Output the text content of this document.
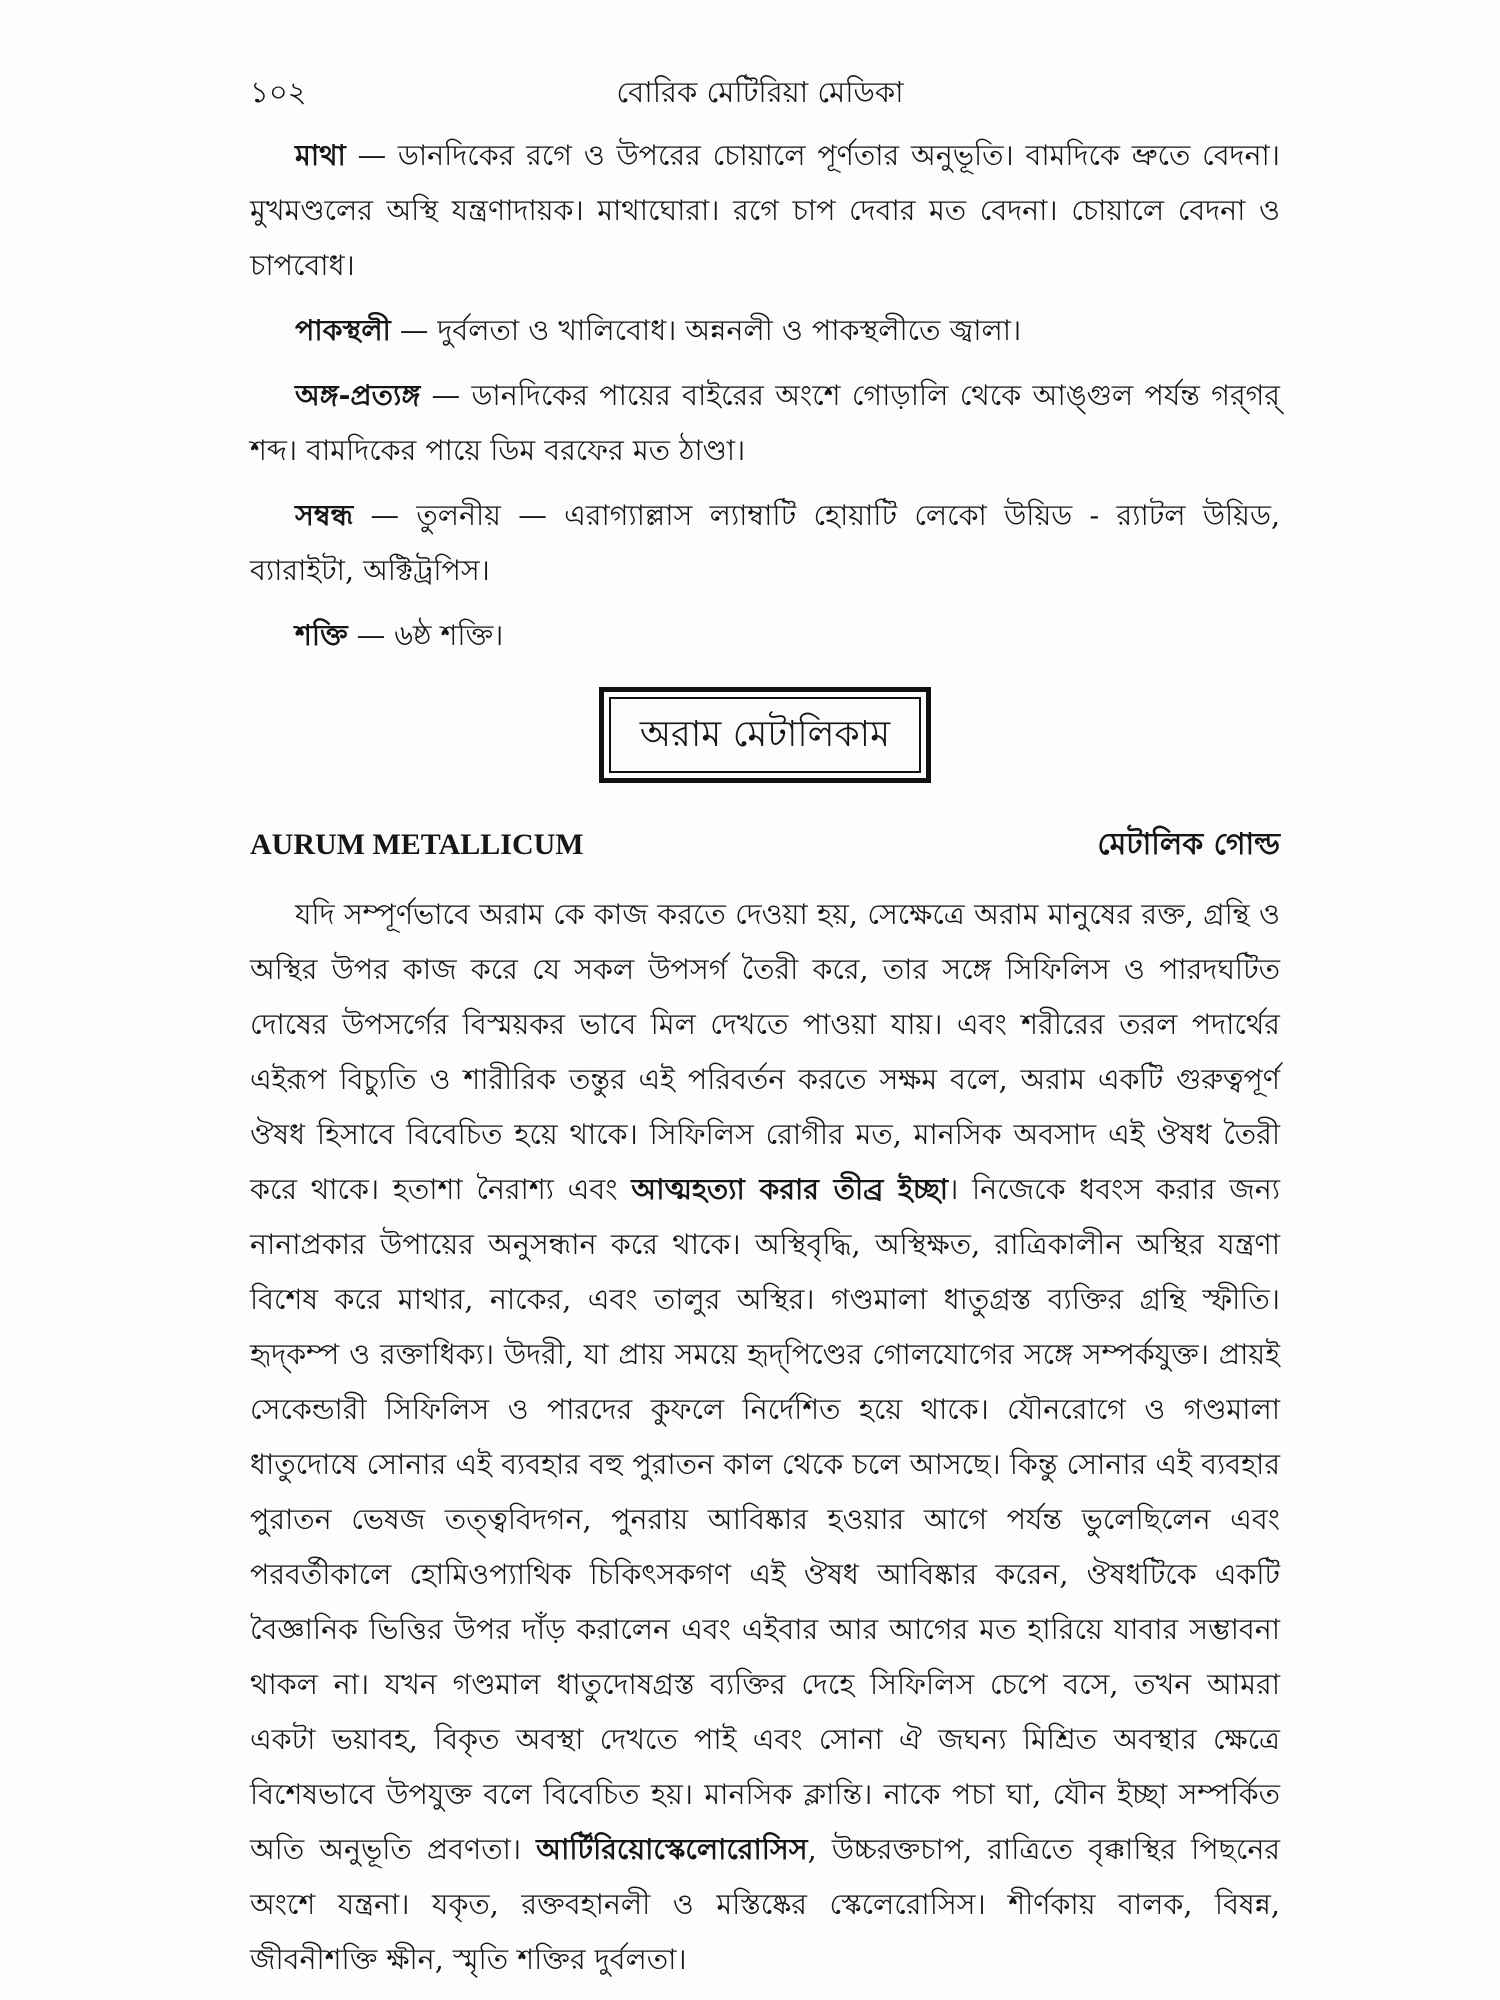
১০২	বোরিক মেটিরিয়া মেডিকা

মাথা — ডানদিকের রগে ও উপরের চোয়ালে পূর্ণতার অনুভূতি। বামদিকে ভ্রুতে বেদনা। মুখমণ্ডলের অস্থি যন্ত্রণাদায়ক। মাথাঘোরা। রগে চাপ দেবার মত বেদনা। চোয়ালে বেদনা ও চাপবোধ।

পাকস্থলী — দুর্বলতা ও খালিবোধ। অন্ননলী ও পাকস্থলীতে জ্বালা।

অঙ্গ-প্রত্যঙ্গ — ডানদিকের পায়ের বাইরের অংশে গোড়ালি থেকে আঙ্গুল পর্যন্ত গর্‌গর্ শব্দ। বামদিকের পায়ে ডিম বরফের মত ঠাণ্ডা।

সম্বন্ধ — তুলনীয় — এরাগ্যাল্লাস ল্যাম্বাটি হোয়াটি লেকো উয়িড - র‍্যাটল উয়িড, ব্যারাইটা, অক্টিট্রপিস।

শক্তি — ৬ষ্ঠ শক্তি।

অরাম মেটালিকাম
AURUM METALLICUM	মেটালিক গোল্ড

যদি সম্পূর্ণভাবে অরাম কে কাজ করতে দেওয়া হয়, সেক্ষেত্রে অরাম মানুষের রক্ত, গ্রন্থি ও অস্থির উপর কাজ করে যে সকল উপসর্গ তৈরী করে, তার সঙ্গে সিফিলিস ও পারদঘটিত দোষের উপসর্গের বিস্ময়কর ভাবে মিল দেখতে পাওয়া যায়। এবং শরীরের তরল পদার্থের এইরূপ বিচ্যুতি ও শারীরিক তন্তুর এই পরিবর্তন করতে সক্ষম বলে, অরাম একটি গুরুত্বপূর্ণ ঔষধ হিসাবে বিবেচিত হয়ে থাকে। সিফিলিস রোগীর মত, মানসিক অবসাদ এই ঔষধ তৈরী করে থাকে। হতাশা নৈরাশ্য এবং আত্মহত্যা করার তীব্র ইচ্ছা। নিজেকে ধবংস করার জন্য নানাপ্রকার উপায়ের অনুসন্ধান করে থাকে। অস্থিবৃদ্ধি, অস্থিক্ষত, রাত্রিকালীন অস্থির যন্ত্রণা বিশেষ করে মাথার, নাকের, এবং তালুর অস্থির। গণ্ডমালা ধাতুগ্রস্ত ব্যক্তির গ্রন্থি স্ফীতি। হৃদ্‌কম্প ও রক্তাধিক্য। উদরী, যা প্রায় সময়ে হৃদ্‌পিণ্ডের গোলযোগের সঙ্গে সম্পর্কযুক্ত। প্রায়ই সেকেন্ডারী সিফিলিস ও পারদের কুফলে নির্দেশিত হয়ে থাকে। যৌনরোগে ও গণ্ডমালা ধাতুদোষে সোনার এই ব্যবহার বহু পুরাতন কাল থেকে চলে আসছে। কিন্তু সোনার এই ব্যবহার পুরাতন ভেষজ তত্ত্ববিদগন, পুনরায় আবিষ্কার হওয়ার আগে পর্যন্ত ভুলেছিলেন এবং পরবর্তীকালে হোমিওপ্যাথিক চিকিৎসকগণ এই ঔষধ আবিষ্কার করেন, ঔষধটিকে একটি বৈজ্ঞানিক ভিত্তির উপর দাঁড় করালেন এবং এইবার আর আগের মত হারিয়ে যাবার সম্ভাবনা থাকল না। যখন গণ্ডমাল ধাতুদোষগ্রস্ত ব্যক্তির দেহে সিফিলিস চেপে বসে, তখন আমরা একটা ভয়াবহ, বিকৃত অবস্থা দেখতে পাই এবং সোনা ঐ জঘন্য মিশ্রিত অবস্থার ক্ষেত্রে বিশেষভাবে উপযুক্ত বলে বিবেচিত হয়। মানসিক ক্লান্তি। নাকে পচা ঘা, যৌন ইচ্ছা সম্পর্কিত অতি অনুভূতি প্রবণতা। আর্টিরিয়োস্কেলোরোসিস, উচ্চরক্তচাপ, রাত্রিতে বৃক্কাস্থির পিছনের অংশে যন্ত্রনা। যকৃত, রক্তবহানলী ও মস্তিষ্কের স্কেলেরোসিস। শীর্ণকায় বালক, বিষন্ন, জীবনীশক্তি ক্ষীন, স্মৃতি শক্তির দুর্বলতা।
